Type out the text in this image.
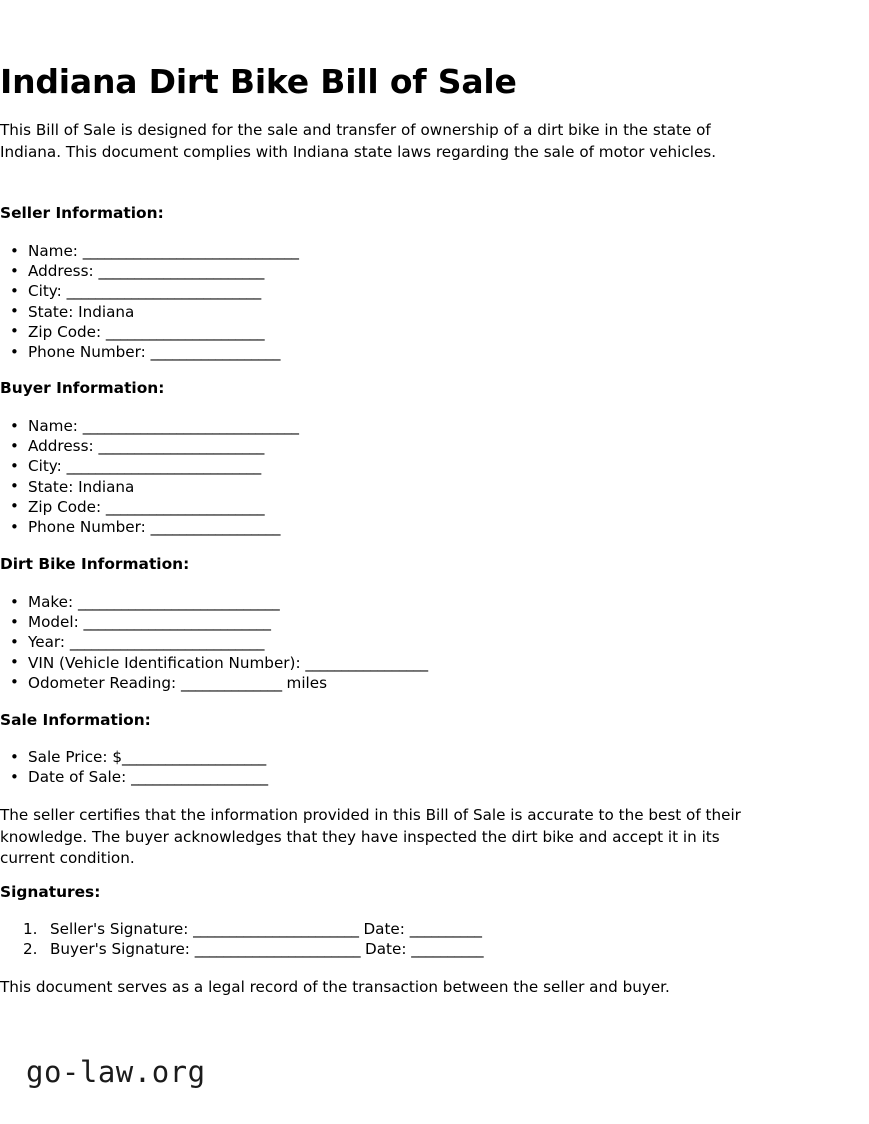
Indiana Dirt Bike Bill of Sale

This Bill of Sale is designed for the sale and transfer of ownership of a dirt bike in the state of Indiana. This document complies with Indiana state laws regarding the sale of motor vehicles.

Seller Information:
• Name: ______________________________
• Address: _______________________
• City: ___________________________
• State: Indiana
• Zip Code: ______________________
• Phone Number: __________________
Buyer Information:
• Name: ______________________________
• Address: _______________________
• City: ___________________________
• State: Indiana
• Zip Code: ______________________
• Phone Number: __________________
Dirt Bike Information:
• Make: ____________________________
• Model: __________________________
• Year: ___________________________
• VIN (Vehicle Identification Number): _________________
• Odometer Reading: ______________ miles
Sale Information:
• Sale Price: $____________________
• Date of Sale: ___________________

The seller certifies that the information provided in this Bill of Sale is accurate to the best of their knowledge. The buyer acknowledges that they have inspected the dirt bike and accept it in its current condition.

Signatures:
Seller's Signature: _______________________ Date: __________
Buyer's Signature: _______________________ Date: __________

This document serves as a legal record of the transaction between the seller and buyer.

go-law.org
